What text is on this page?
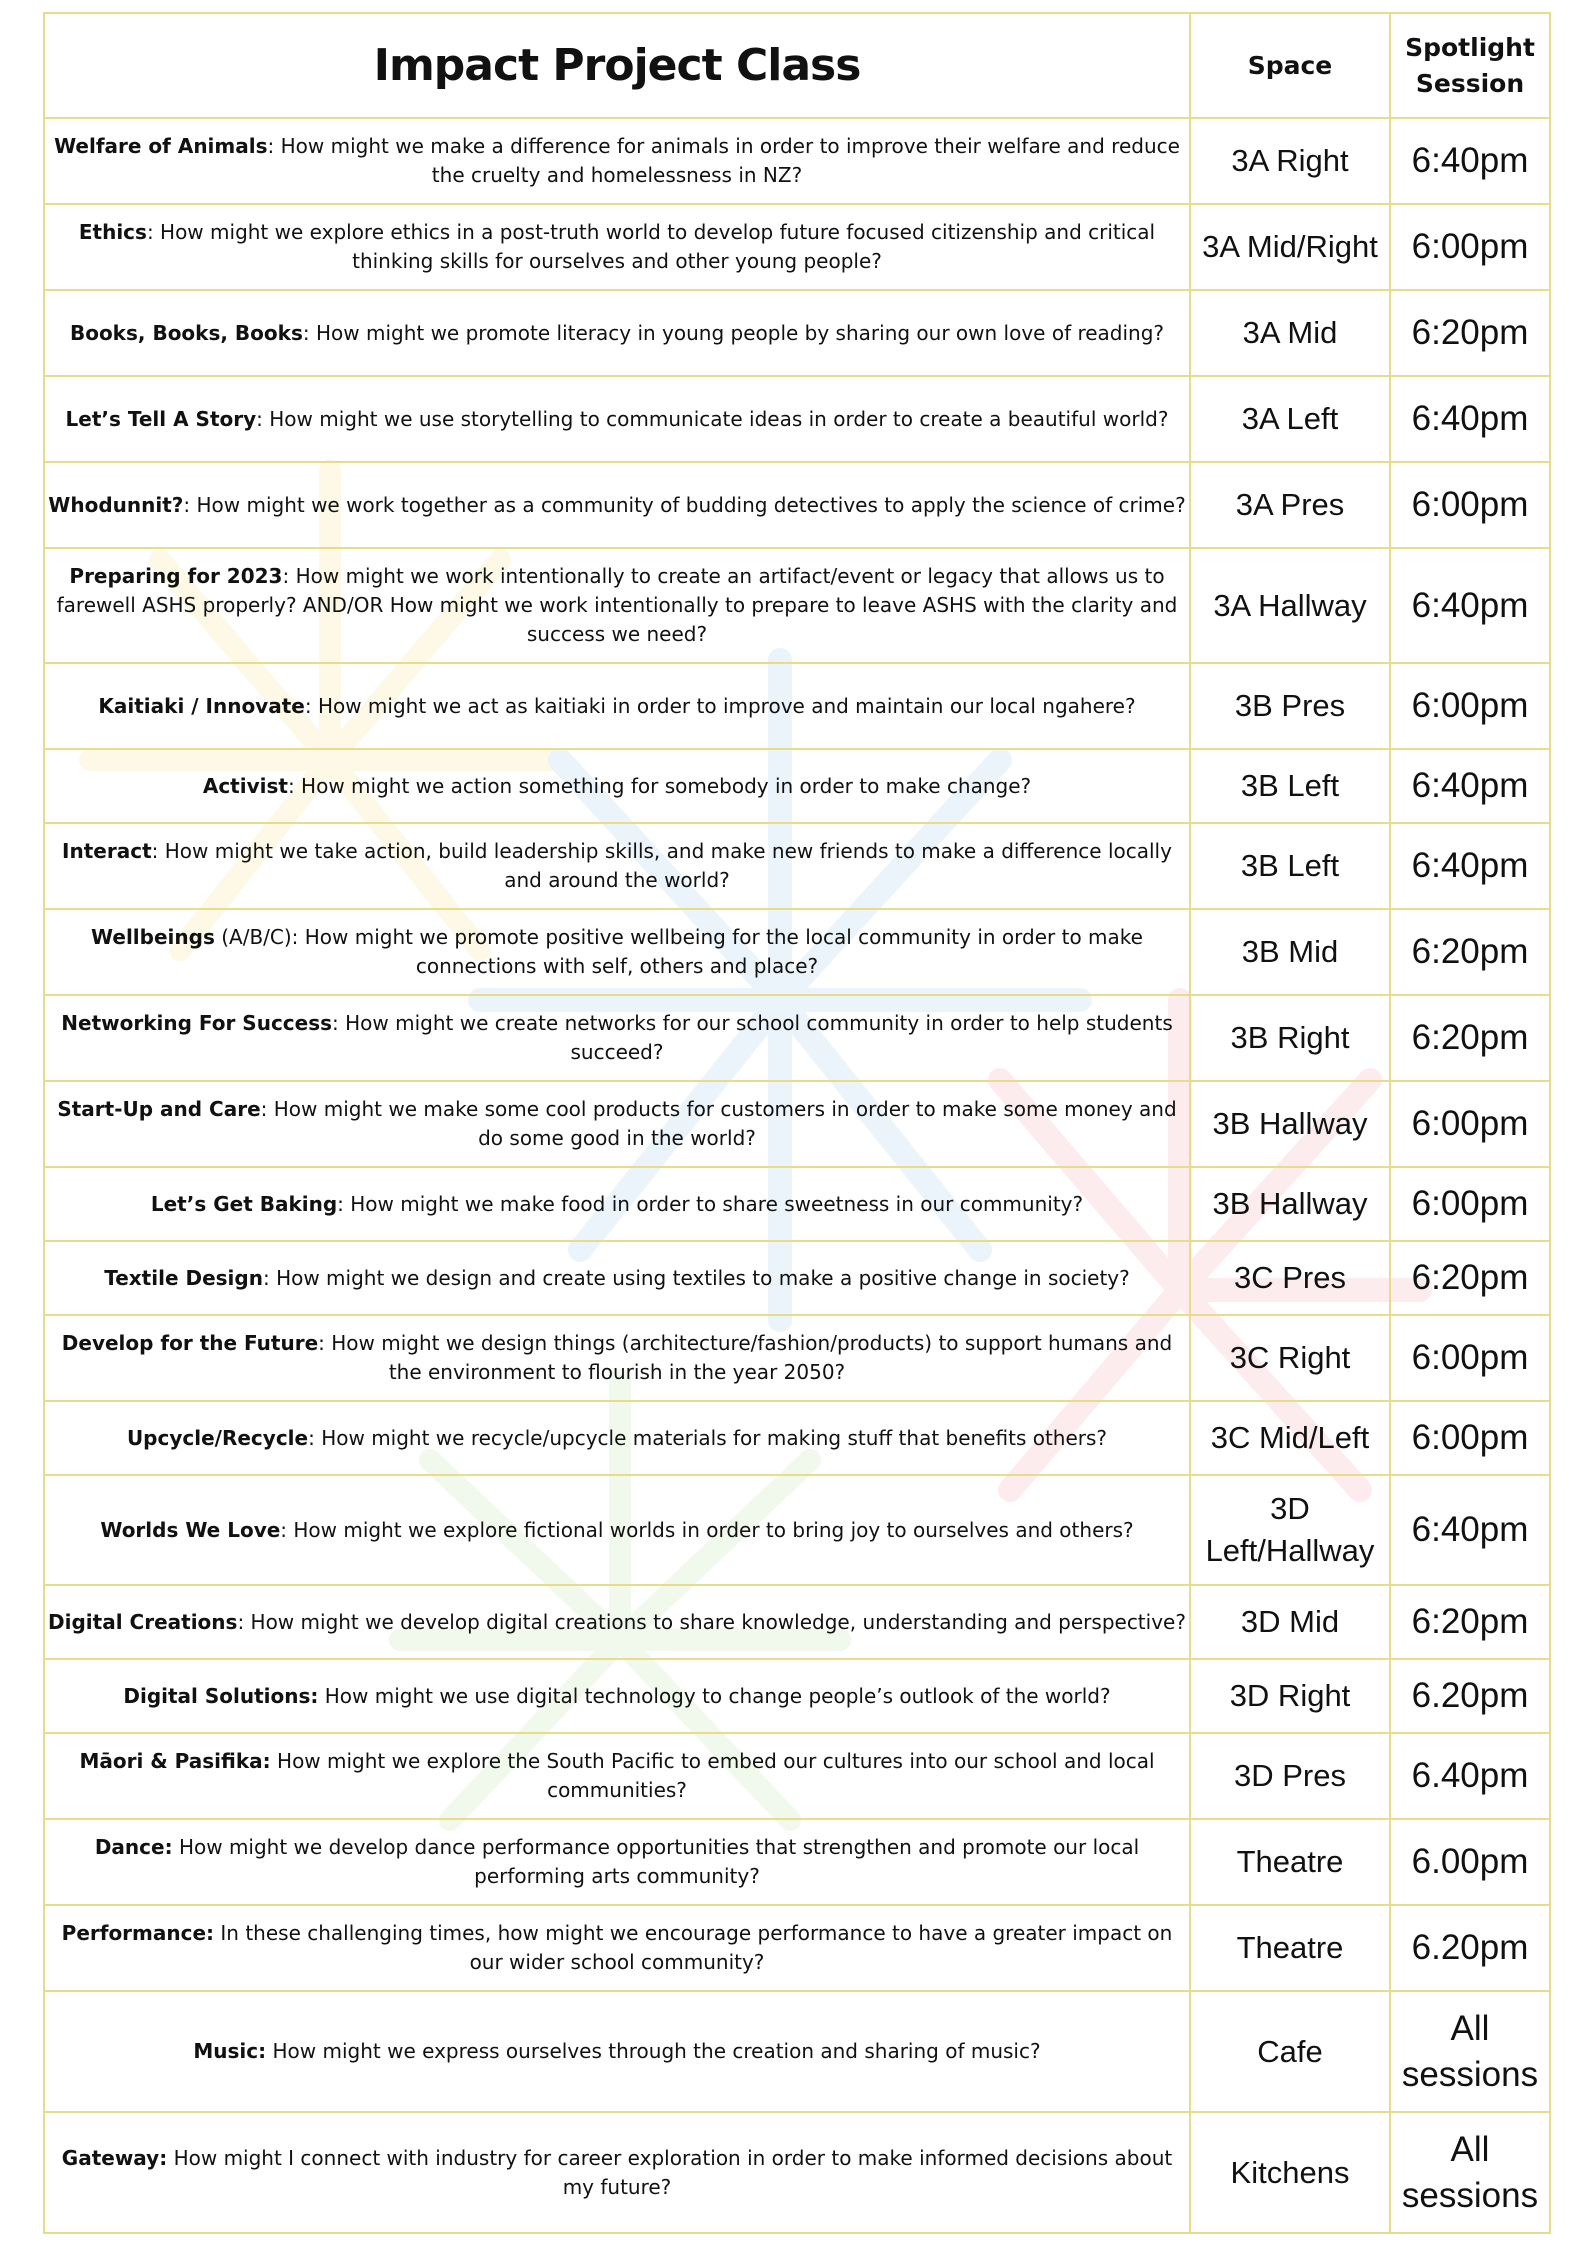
Impact Project Class	Space	Spotlight Session

Welfare of Animals: How might we make a difference for animals in order to improve their welfare and reduce the cruelty and homelessness in NZ?	3A Right	6:40pm
Ethics: How might we explore ethics in a post-truth world to develop future focused citizenship and critical thinking skills for ourselves and other young people?	3A Mid/Right	6:00pm
Books, Books, Books: How might we promote literacy in young people by sharing our own love of reading?	3A Mid	6:20pm
Let’s Tell A Story: How might we use storytelling to communicate ideas in order to create a beautiful world?	3A Left	6:40pm
Whodunnit?: How might we work together as a community of budding detectives to apply the science of crime?	3A Pres	6:00pm
Preparing for 2023: How might we work intentionally to create an artifact/event or legacy that allows us to farewell ASHS properly? AND/OR How might we work intentionally to prepare to leave ASHS with the clarity and success we need?	3A Hallway	6:40pm
Kaitiaki / Innovate: How might we act as kaitiaki in order to improve and maintain our local ngahere?	3B Pres	6:00pm
Activist: How might we action something for somebody in order to make change?	3B Left	6:40pm
Interact: How might we take action, build leadership skills, and make new friends to make a difference locally and around the world?	3B Left	6:40pm
Wellbeings (A/B/C): How might we promote positive wellbeing for the local community in order to make connections with self, others and place?	3B Mid	6:20pm
Networking For Success: How might we create networks for our school community in order to help students succeed?	3B Right	6:20pm
Start-Up and Care: How might we make some cool products for customers in order to make some money and do some good in the world?	3B Hallway	6:00pm
Let’s Get Baking: How might we make food in order to share sweetness in our community?	3B Hallway	6:00pm
Textile Design: How might we design and create using textiles to make a positive change in society?	3C Pres	6:20pm
Develop for the Future: How might we design things (architecture/fashion/products) to support humans and the environment to flourish in the year 2050?	3C Right	6:00pm
Upcycle/Recycle: How might we recycle/upcycle materials for making stuff that benefits others?	3C Mid/Left	6:00pm
Worlds We Love: How might we explore fictional worlds in order to bring joy to ourselves and others?	3D Left/Hallway	6:40pm
Digital Creations: How might we develop digital creations to share knowledge, understanding and perspective?	3D Mid	6:20pm
Digital Solutions: How might we use digital technology to change people’s outlook of the world?	3D Right	6.20pm
Māori & Pasifika: How might we explore the South Pacific to embed our cultures into our school and local communities?	3D Pres	6.40pm
Dance: How might we develop dance performance opportunities that strengthen and promote our local performing arts community?	Theatre	6.00pm
Performance: In these challenging times, how might we encourage performance to have a greater impact on our wider school community?	Theatre	6.20pm
Music: How might we express ourselves through the creation and sharing of music?	Cafe	All sessions
Gateway: How might I connect with industry for career exploration in order to make informed decisions about my future?	Kitchens	All sessions
